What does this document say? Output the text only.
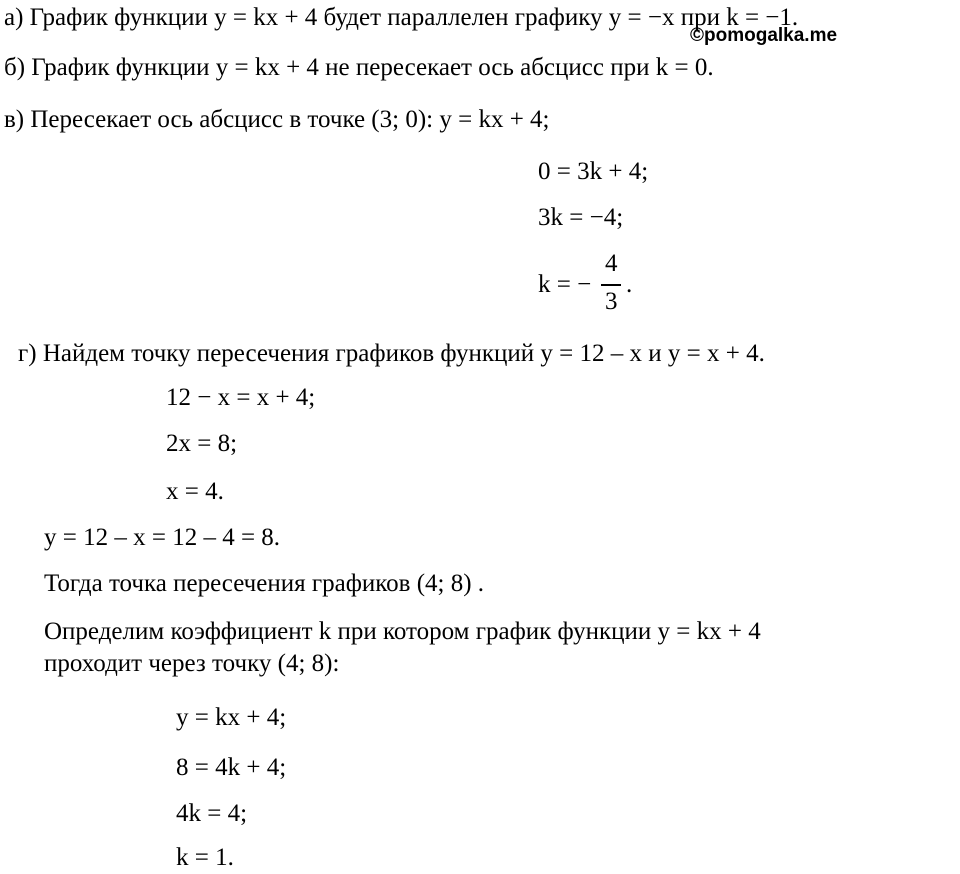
а) График функции y = kx + 4 будет параллелен графику y = −x при k = −1.
©pomogalka.me
б) График функции y = kx + 4 не пересекает ось абсцисс при k = 0.
в) Пересекает ось абсцисс в точке (3; 0): y = kx + 4;
0 = 3k + 4;
3k = −4;
k = −
4
3
.
г) Найдем точку пересечения графиков функций y = 12 – x и y = x + 4.
12 − x = x + 4;
2x = 8;
x = 4.
y = 12 – x = 12 – 4 = 8.
Тогда точка пересечения графиков (4; 8) .
Определим коэффициент k при котором график функции y = kx + 4
проходит через точку (4; 8):
y = kx + 4;
8 = 4k + 4;
4k = 4;
k = 1.
